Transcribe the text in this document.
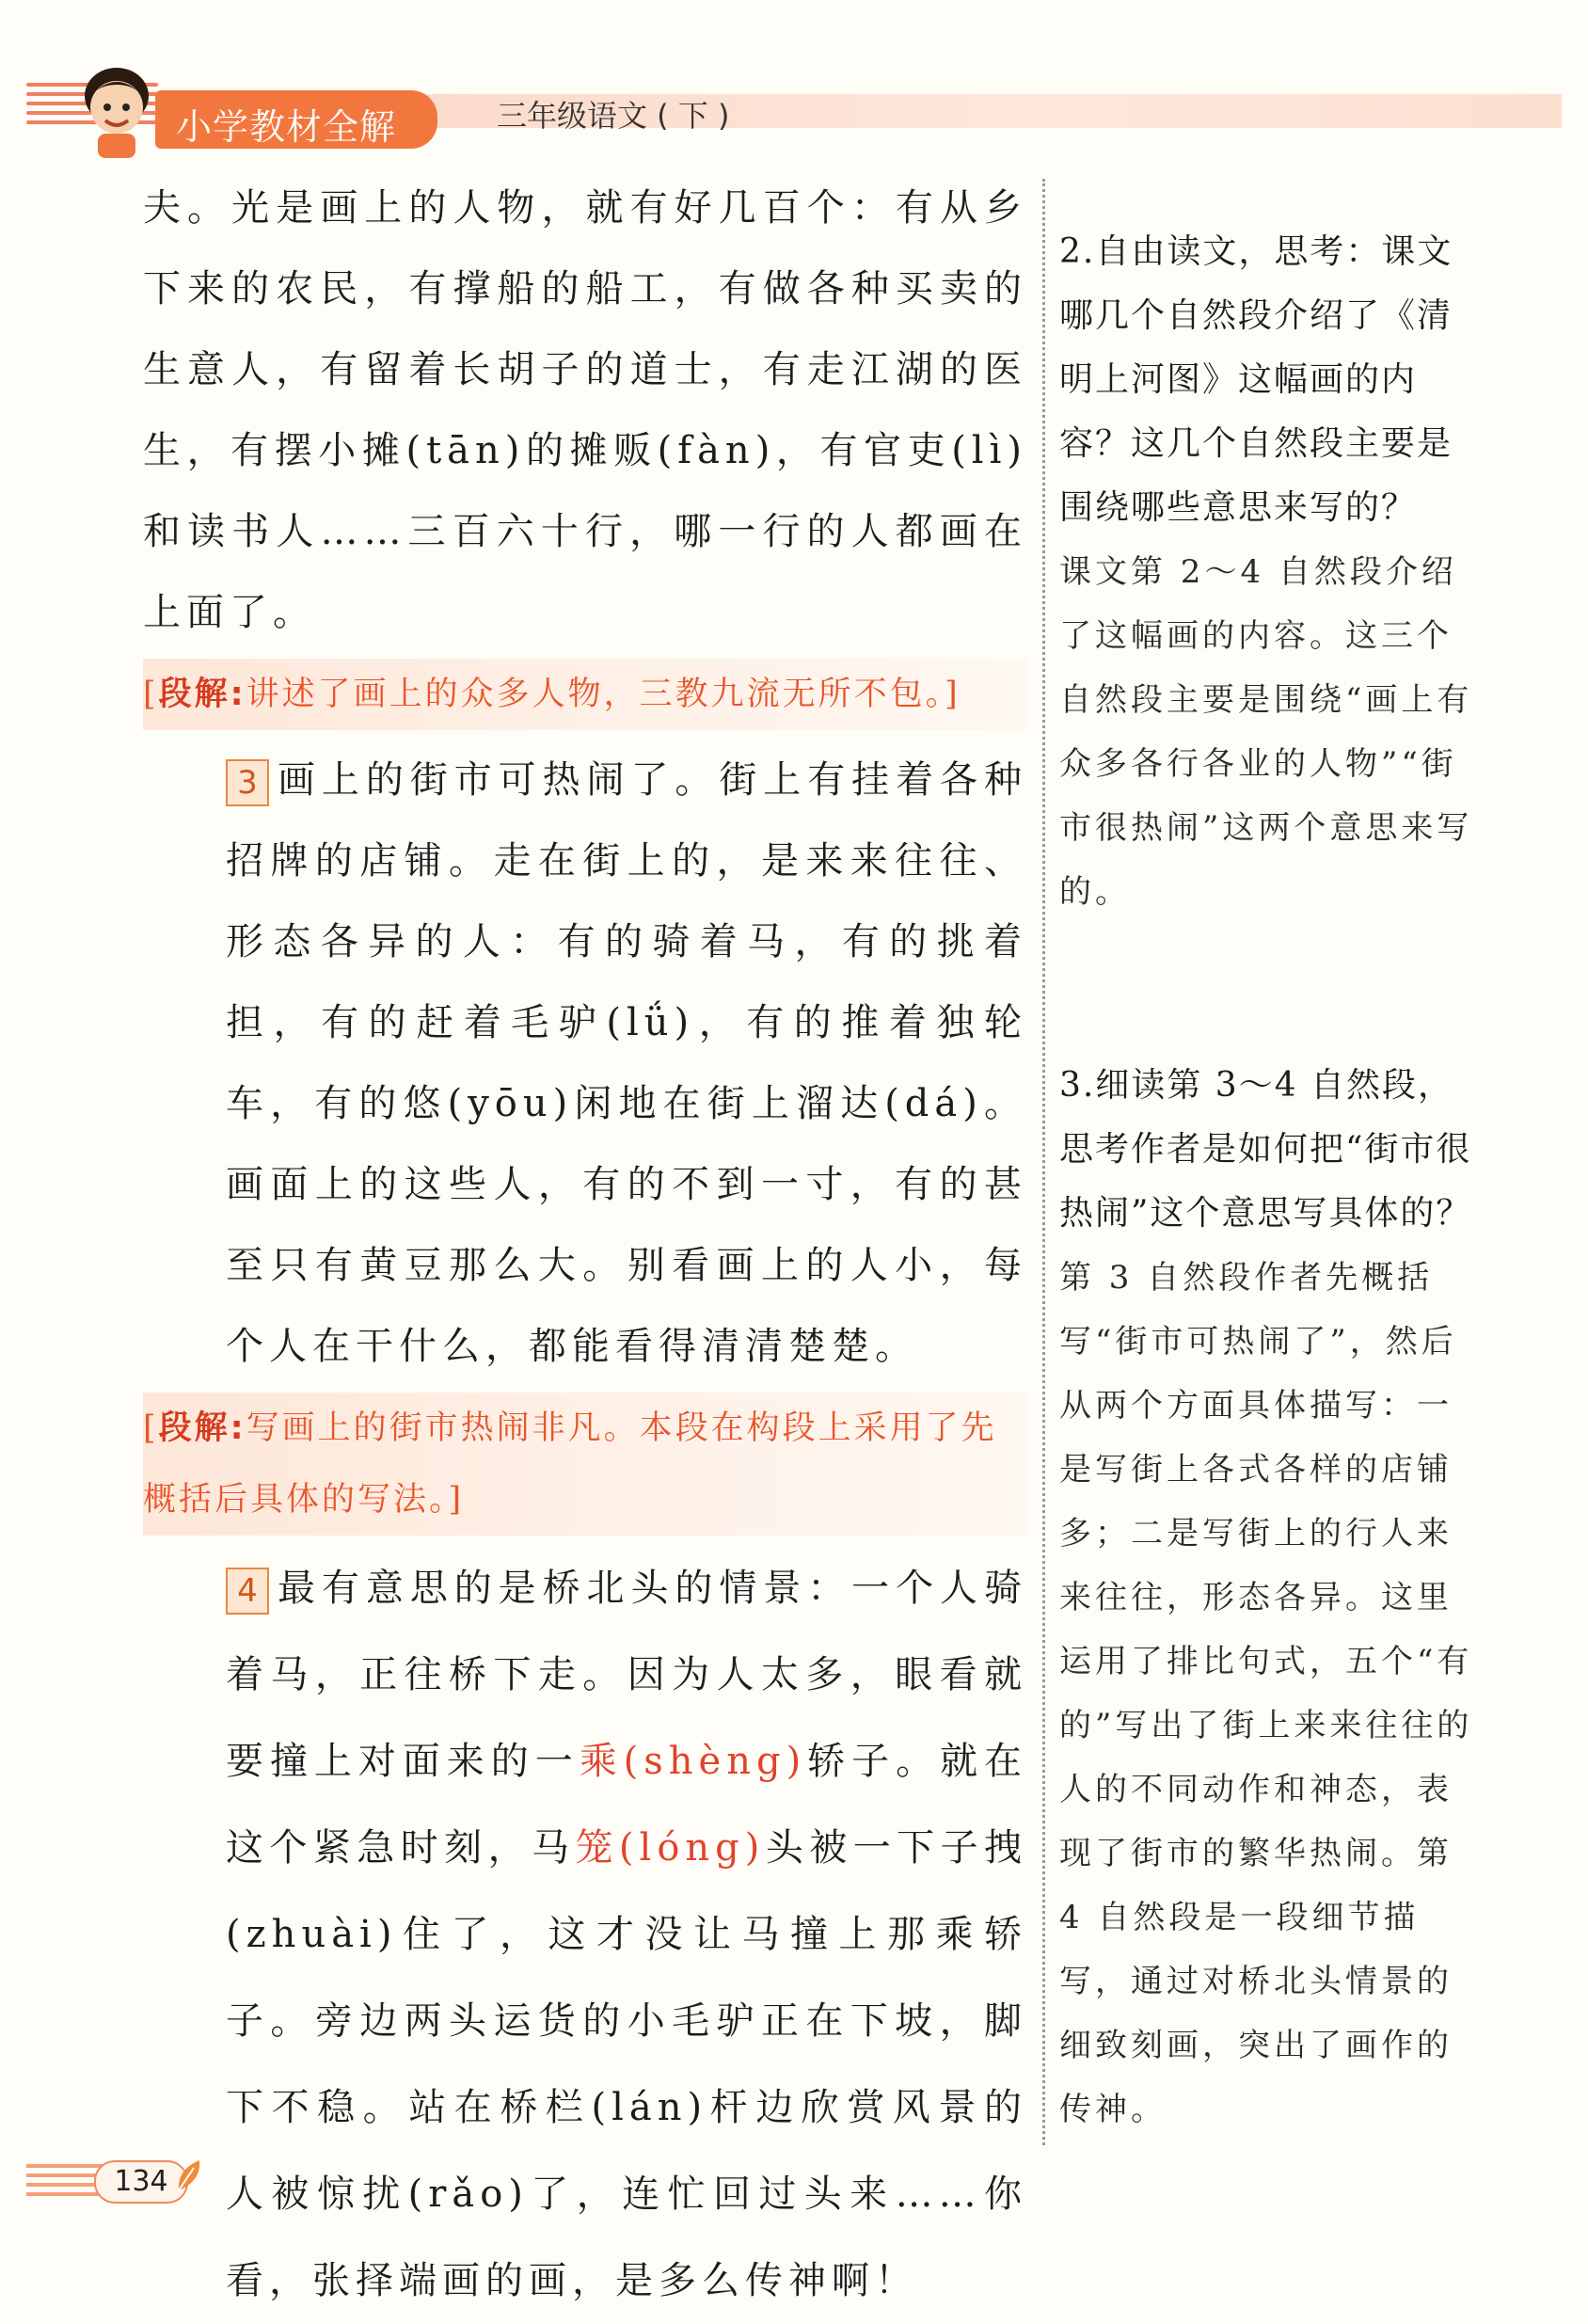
小学教材全解	三年级语文 ( 下 )

夫。光是画上的人物，就有好几百个：有从乡下来的农民，有撑船的船工，有做各种买卖的生意人，有留着长胡子的道士，有走江湖的医生，有摆小摊(tān)的摊贩(fàn)，有官吏(lì)和读书人……三百六十行，哪一行的人都画在上面了。

[段解:讲述了画上的众多人物，三教九流无所不包。]

3 画上的街市可热闹了。街上有挂着各种招牌的店铺。走在街上的，是来来往往、形态各异的人：有的骑着马，有的挑着担，有的赶着毛驴(lǘ)，有的推着独轮车，有的悠(yōu)闲地在街上溜达(dá)。画面上的这些人，有的不到一寸，有的甚至只有黄豆那么大。别看画上的人小，每个人在干什么，都能看得清清楚楚。

[段解:写画上的街市热闹非凡。本段在构段上采用了先概括后具体的写法。]

4 最有意思的是桥北头的情景：一个人骑着马，正往桥下走。因为人太多，眼看就要撞上对面来的一乘(shèng)轿子。就在这个紧急时刻，马笼(lóng)头被一下子拽(zhuài)住了，这才没让马撞上那乘轿子。旁边两头运货的小毛驴正在下坡，脚下不稳。站在桥栏(lán)杆边欣赏风景的人被惊扰(rǎo)了，连忙回过头来……你看，张择端画的画，是多么传神啊！

2.自由读文，思考：课文哪几个自然段介绍了《清明上河图》这幅画的内容？这几个自然段主要是围绕哪些意思来写的？

课文第 2～4 自然段介绍了这幅画的内容。这三个自然段主要是围绕“画上有众多各行各业的人物”“街市很热闹”这两个意思来写的。

3.细读第 3～4 自然段，思考作者是如何把“街市很热闹”这个意思写具体的？

第 3 自然段作者先概括写“街市可热闹了”，然后从两个方面具体描写：一是写街上各式各样的店铺多；二是写街上的行人来来往往，形态各异。这里运用了排比句式，五个“有的”写出了街上来来往往的人的不同动作和神态，表现了街市的繁华热闹。第 4 自然段是一段细节描写，通过对桥北头情景的细致刻画，突出了画作的传神。

134
